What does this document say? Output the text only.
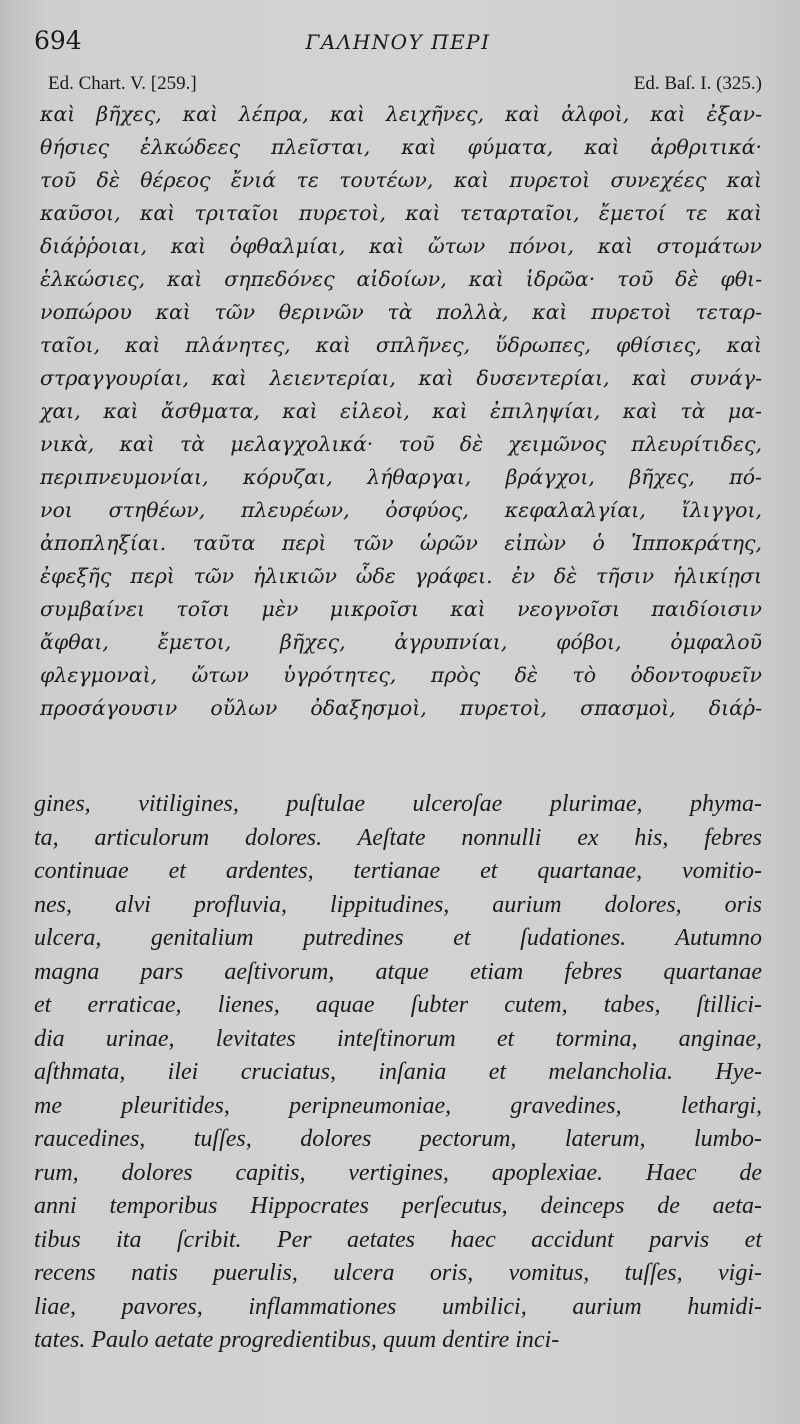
694	ΓΑΛΗΝΟΥ ΠΕΡΙ
Ed. Chart. V. [259.]	Ed. Baſ. I. (325.)
καὶ βῆχες, καὶ λέπρα, καὶ λειχῆνες, καὶ ἀλφοὶ, καὶ ἐξαν-
θήσιες ἑλκώδεες πλεῖσται, καὶ φύματα, καὶ ἀρθριτικά·
τοῦ δὲ θέρεος ἔνιά τε τουτέων, καὶ πυρετοὶ συνεχέες καὶ
καῦσοι, καὶ τριταῖοι πυρετοὶ, καὶ τεταρταῖοι, ἔμετοί τε καὶ
διάῤῥοιαι, καὶ ὀφθαλμίαι, καὶ ὤτων πόνοι, καὶ στομάτων
ἑλκώσιες, καὶ σηπεδόνες αἰδοίων, καὶ ἱδρῶα· τοῦ δὲ φθι-
νοπώρου καὶ τῶν θερινῶν τὰ πολλὰ, καὶ πυρετοὶ τεταρ-
ταῖοι, καὶ πλάνητες, καὶ σπλῆνες, ὕδρωπες, φθίσιες, καὶ
στραγγουρίαι, καὶ λειεντερίαι, καὶ δυσεντερίαι, καὶ συνάγ-
χαι, καὶ ἄσθματα, καὶ εἰλεοὶ, καὶ ἐπιληψίαι, καὶ τὰ μα-
νικὰ, καὶ τὰ μελαγχολικά· τοῦ δὲ χειμῶνος πλευρίτιδες,
περιπνευμονίαι, κόρυζαι, λήθαργαι, βράγχοι, βῆχες, πό-
νοι στηθέων, πλευρέων, ὀσφύος, κεφαλαλγίαι, ἴλιγγοι,
ἀποπληξίαι. ταῦτα περὶ τῶν ὡρῶν εἰπὼν ὁ Ἱπποκράτης,
ἐφεξῆς περὶ τῶν ἡλικιῶν ὧδε γράφει. ἐν δὲ τῆσιν ἡλικίῃσι
συμβαίνει τοῖσι μὲν μικροῖσι καὶ νεογνοῖσι παιδίοισιν
ἄφθαι, ἔμετοι, βῆχες, ἀγρυπνίαι, φόβοι, ὀμφαλοῦ
φλεγμοναὶ, ὤτων ὑγρότητες, πρὸς δὲ τὸ ὀδοντοφυεῖν
προσάγουσιν οὔλων ὀδαξησμοὶ, πυρετοὶ, σπασμοὶ, διάῤ-
gines, vitiligines, puſtulae ulceroſae plurimae, phyma-
ta, articulorum dolores. Aeſtate nonnulli ex his, febres
continuae et ardentes, tertianae et quartanae, vomitio-
nes, alvi profluvia, lippitudines, aurium dolores, oris
ulcera, genitalium putredines et ſudationes. Autumno
magna pars aeſtivorum, atque etiam febres quartanae
et erraticae, lienes, aquae ſubter cutem, tabes, ſtillici-
dia urinae, levitates inteſtinorum et tormina, anginae,
aſthmata, ilei cruciatus, inſania et melancholia. Hye-
me pleuritides, peripneumoniae, gravedines, lethargi,
raucedines, tuſſes, dolores pectorum, laterum, lumbo-
rum, dolores capitis, vertigines, apoplexiae. Haec de
anni temporibus Hippocrates perſecutus, deinceps de aeta-
tibus ita ſcribit. Per aetates haec accidunt parvis et
recens natis puerulis, ulcera oris, vomitus, tuſſes, vigi-
liae, pavores, inflammationes umbilici, aurium humidi-
tates. Paulo aetate progredientibus, quum dentire inci-
